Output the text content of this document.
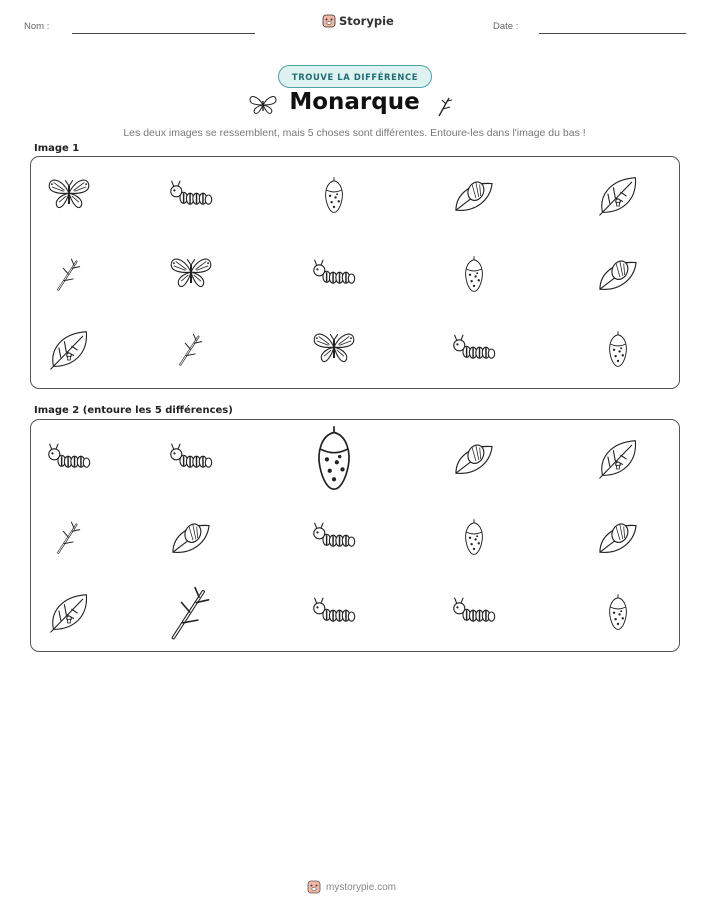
Nom :	Storypie	Date :
TROUVE LA DIFFÉRENCE
Monarque
Les deux images se ressemblent, mais 5 choses sont différentes. Entoure-les dans l'image du bas !
Image 1
Image 2 (entoure les 5 différences)
mystorypie.com
